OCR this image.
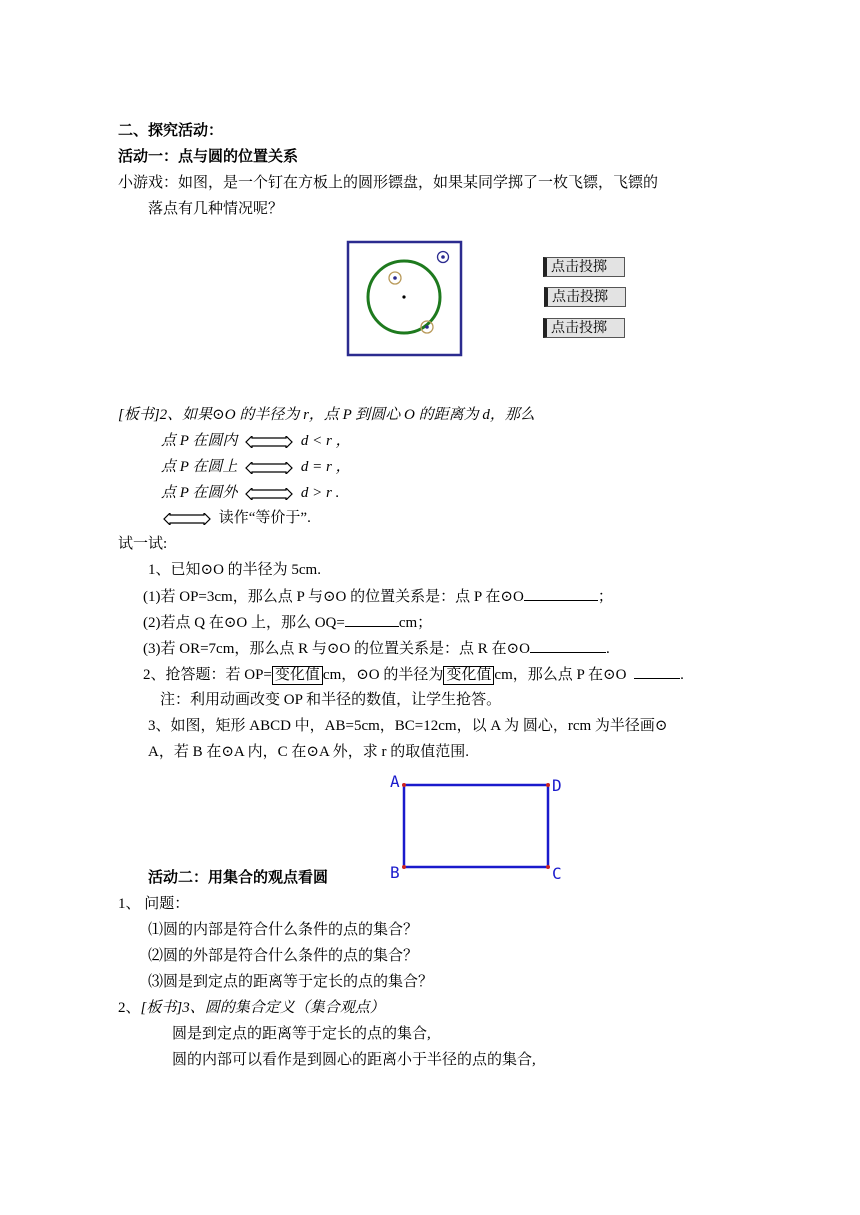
二、探究活动：
活动一：点与圆的位置关系
小游戏：如图，是一个钉在方板上的圆形镖盘，如果某同学掷了一枚飞镖，飞镖的
落点有几种情况呢？
点击投掷
点击投掷
点击投掷
[板书]2、如果⊙O 的半径为 r，点 P 到圆心 O 的距离为 d，那么
点 P 在圆内	d < r ，
点 P 在圆上	d = r ，
点 P 在圆外	d > r .
读作“等价于”.
试一试:
1、已知⊙O 的半径为 5cm.
(1)若 OP=3cm，那么点 P 与⊙O 的位置关系是：点 P 在⊙O	；
(2)若点 Q 在⊙O 上，那么 OQ=	cm；
(3)若 OR=7cm，那么点 R 与⊙O 的位置关系是：点 R 在⊙O	.
2、抢答题：若 OP= 变化值 cm，⊙O 的半径为 变化值 cm，那么点 P 在⊙O	.
注：利用动画改变 OP 和半径的数值，让学生抢答。
3、如图，矩形 ABCD 中，AB=5cm，BC=12cm，以 A 为 圆心，rcm 为半径画⊙
A，若 B 在⊙A 内，C 在⊙A 外，求 r 的取值范围.
A	D
B	C
活动二：用集合的观点看圆
1、 问题：
⑴圆的内部是符合什么条件的点的集合？
⑵圆的外部是符合什么条件的点的集合？
⑶圆是到定点的距离等于定长的点的集合？
2、[板书]3、圆的集合定义（集合观点）
圆是到定点的距离等于定长的点的集合,
圆的内部可以看作是到圆心的距离小于半径的点的集合,
